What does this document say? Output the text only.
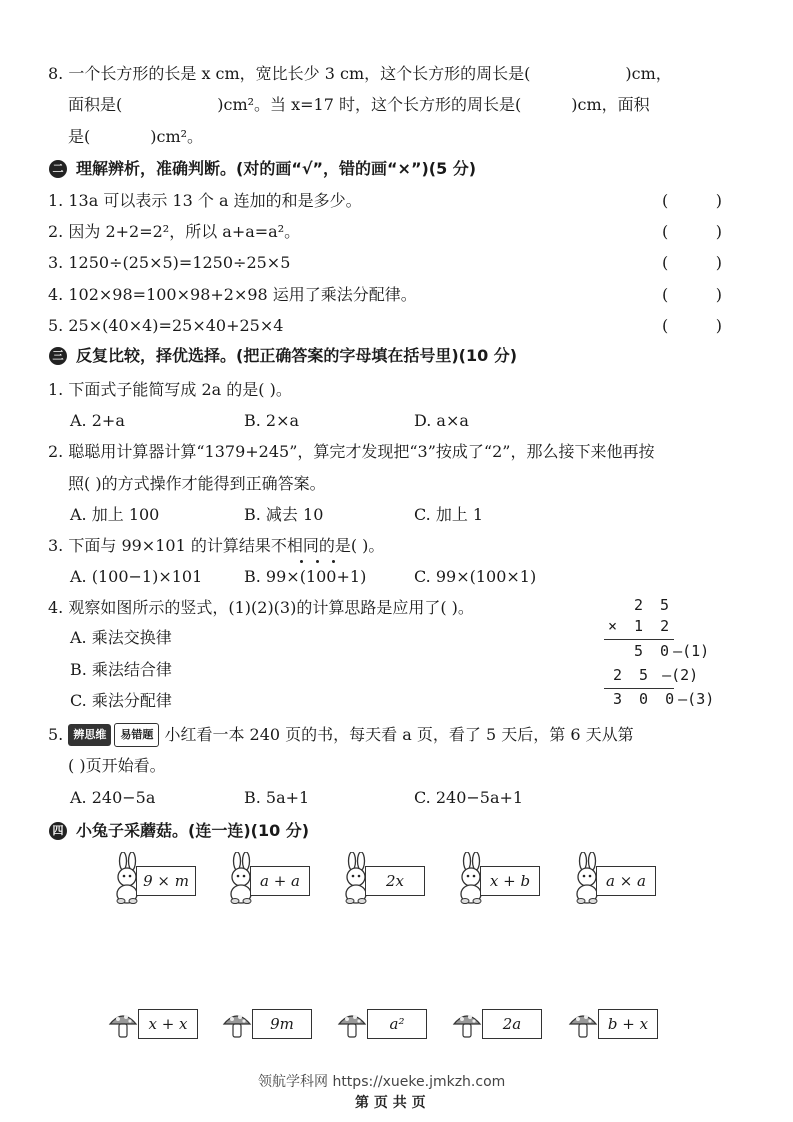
8. 一个长方形的长是 x cm，宽比长少 3 cm，这个长方形的周长是(	)cm，
面积是(	)cm²。当 x=17 时，这个长方形的周长是(	)cm，面积
是(	)cm²。
二 理解辨析，准确判断。(对的画“√”，错的画“×”)(5 分)
1. 13a 可以表示 13 个 a 连加的和是多少。
2. 因为 2+2=2²，所以 a+a=a²。
3. 1250÷(25×5)=1250÷25×5
4. 102×98=100×98+2×98 运用了乘法分配律。
5. 25×(40×4)=25×40+25×4
(	)
(	)
(	)
(	)
(	)
三 反复比较，择优选择。(把正确答案的字母填在括号里)(10 分)
1. 下面式子能简写成 2a 的是( )。
A. 2+a	B. 2×a	D. a×a
2. 聪聪用计算器计算“1379+245”，算完才发现把“3”按成了“2”，那么接下来他再按
照( )的方式操作才能得到正确答案。
A. 加上 100	B. 减去 10	C. 加上 1
3. 下面与 99×101 的计算结果不相同的是( )。
A. (100−1)×101	B. 99×(100+1)	C. 99×(100×1)
4. 观察如图所示的竖式，(1)(2)(3)的计算思路是应用了( )。
A. 乘法交换律
B. 乘法结合律
C. 乘法分配律
2 5
× 1 2
5 0—(1)
2 5 —(2)
3 0 0—(3)
5. 辨思维 易错题 小红看一本 240 页的书，每天看 a 页，看了 5 天后，第 6 天从第
( )页开始看。
A. 240−5a	B. 5a+1	C. 240−5a+1
四 小兔子采蘑菇。(连一连)(10 分)
9 × m	a + a	2x	x + b	a × a
x + x	9m	a²	2a	b + x
领航学科网 https://xueke.jmkzh.com
第 页 共 页
